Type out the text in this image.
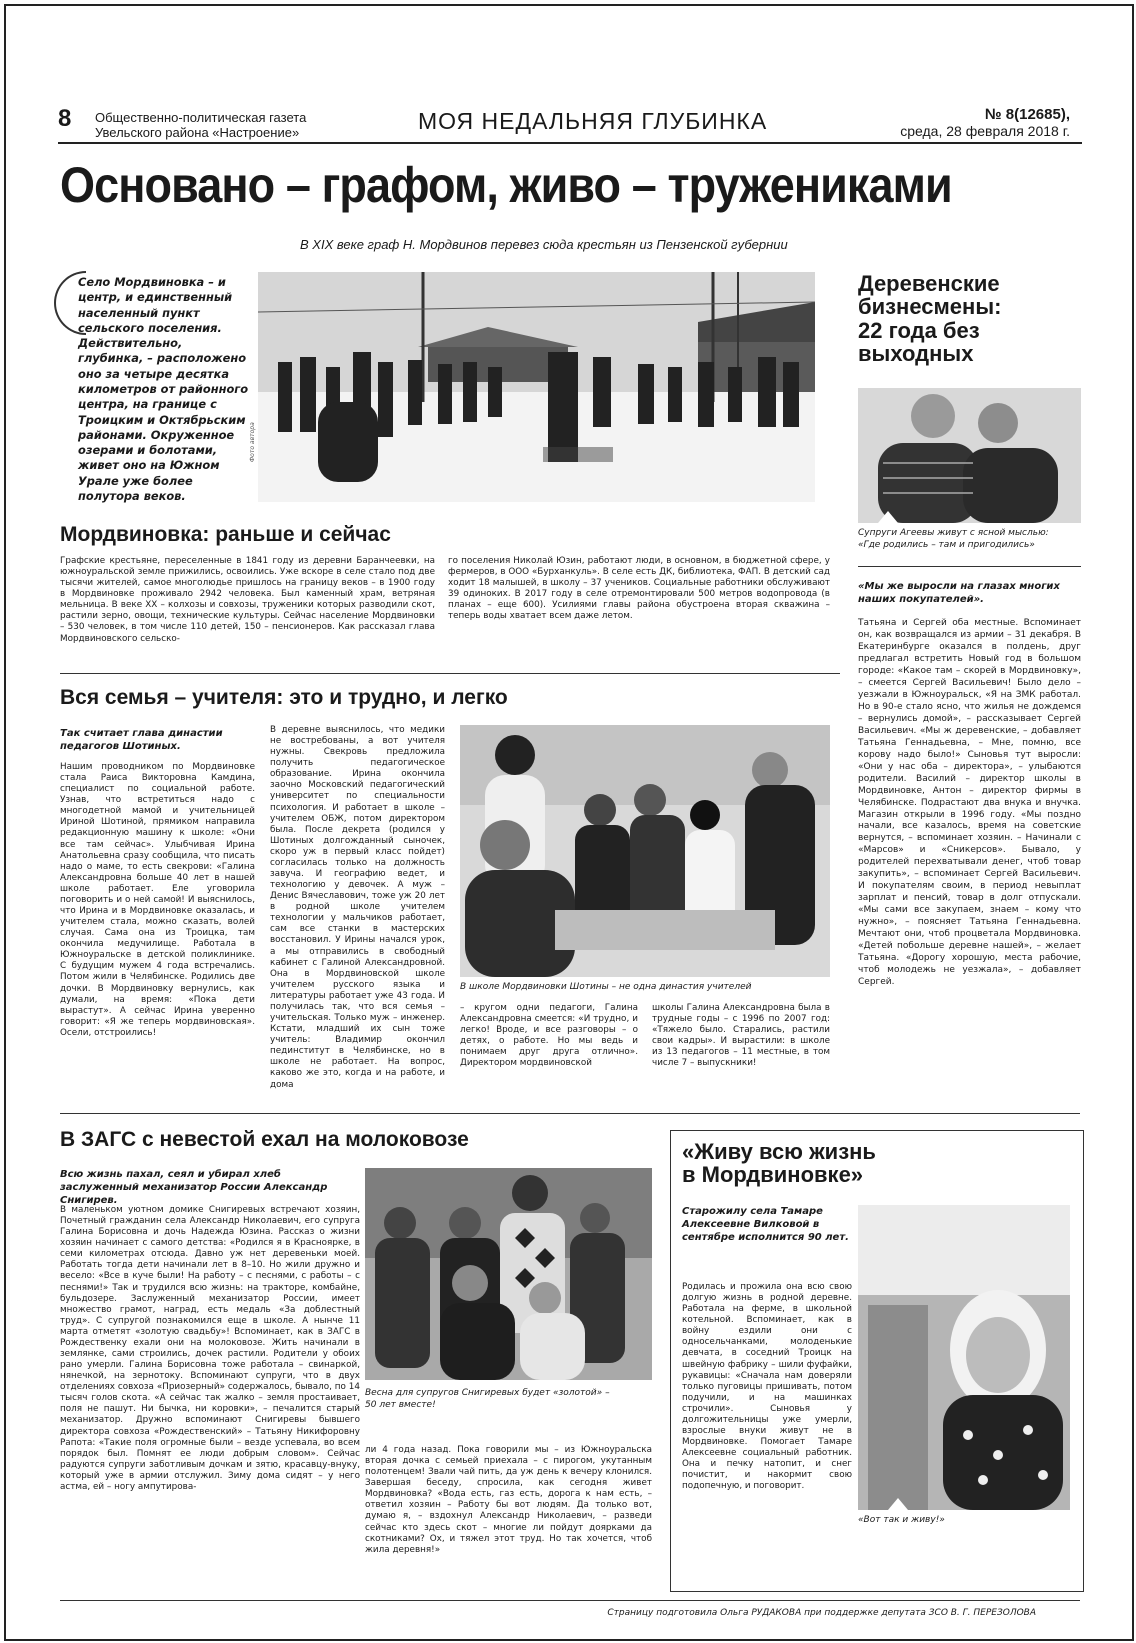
8 Общественно-политическая газета
Увельского района «Настроение»	МОЯ НЕДАЛЬНЯЯ ГЛУБИНКА	№ 8(12685),
среда, 28 февраля 2018 г.
Основано – графом, живо – тружениками
В XIX веке граф Н. Мордвинов перевез сюда крестьян из Пензенской губернии
Село Мордвиновка – и центр, и единственный населенный пункт сельского поселения. Действительно, глубинка, – расположено оно за четыре десятка километров от районного центра, на границе с Троицким и Октябрьским районами. Окруженное озерами и болотами, живет оно на Южном Урале уже более полутора веков.
Фото автора
Деревенские
бизнесмены:
22 года без
выходных
Супруги Агеевы живут с ясной мыслью:
«Где родились – там и пригодились»
«Мы же выросли на глазах многих наших покупателей».
Татьяна и Сергей оба местные. Вспоминает он, как возвращался из армии – 31 декабря. В Екатеринбурге оказался в полдень, друг предлагал встретить Новый год в большом городе: «Какое там – скорей в Мордвиновку», – смеется Сергей Васильевич! Было дело – уезжали в Южноуральск, «Я на ЗМК работал. Но в 90-е стало ясно, что жилья не дождемся – вернулись домой», – рассказывает Сергей Васильевич. «Мы ж деревенские, – добавляет Татьяна Геннадьевна, – Мне, помню, все корову надо было!» Сыновья тут выросли: «Они у нас оба – директора», – улыбаются родители. Василий – директор школы в Мордвиновке, Антон – директор фирмы в Челябинске. Подрастают два внука и внучка. Магазин открыли в 1996 году. «Мы поздно начали, все казалось, время на советские вернутся, – вспоминает хозяин. – Начинали с «Марсов» и «Сникерсов». Бывало, у родителей перехватывали денег, чтоб товар закупить», – вспоминает Сергей Васильевич. И покупателям своим, в период невыплат зарплат и пенсий, товар в долг отпускали. «Мы сами все закупаем, знаем – кому что нужно», – поясняет Татьяна Геннадьевна. Мечтают они, чтоб процветала Мордвиновка. «Детей побольше деревне нашей», – желает Татьяна. «Дорогу хорошую, места рабочие, чтоб молодежь не уезжала», – добавляет Сергей.
Мордвиновка: раньше и сейчас
Графские крестьяне, переселенные в 1841 году из деревни Баранчеевки, на южноуральской земле прижились, освоились. Уже вскоре в селе стало под две тысячи жителей, самое многолюдье пришлось на границу веков – в 1900 году в Мордвиновке проживало 2942 человека. Был каменный храм, ветряная мельница. В веке XX – колхозы и совхозы, труженики которых разводили скот, растили зерно, овощи, технические культуры. Сейчас население Мордвиновки – 530 человек, в том числе 110 детей, 150 – пенсионеров. Как рассказал глава Мордвиновского сельско-
го поселения Николай Юзин, работают люди, в основном, в бюджетной сфере, у фермеров, в ООО «Бурханкуль». В селе есть ДК, библиотека, ФАП. В детский сад ходит 18 малышей, в школу – 37 учеников. Социальные работники обслуживают 39 одиноких. В 2017 году в селе отремонтировали 500 метров водопровода (в планах – еще 600). Усилиями главы района обустроена вторая скважина – теперь воды хватает всем даже летом.
Вся семья – учителя: это и трудно, и легко
Так считает глава династии педагогов Шотиных.
Нашим проводником по Мордвиновке стала Раиса Викторовна Камдина, специалист по социальной работе. Узнав, что встретиться надо с многодетной мамой и учительницей Ириной Шотиной, прямиком направила редакционную машину к школе: «Они все там сейчас». Улыбчивая Ирина Анатольевна сразу сообщила, что писать надо о маме, то есть свекрови: «Галина Александровна больше 40 лет в нашей школе работает. Еле уговорила поговорить и о ней самой! И выяснилось, что Ирина и в Мордвиновке оказалась, и учителем стала, можно сказать, волей случая. Сама она из Троицка, там окончила медучилище. Работала в Южноуральске в детской поликлинике. С будущим мужем 4 года встречались. Потом жили в Челябинске. Родились две дочки. В Мордвиновку вернулись, как думали, на время: «Пока дети вырастут». А сейчас Ирина уверенно говорит: «Я же теперь мордвиновская». Осели, отстроились!
В деревне выяснилось, что медики не востребованы, а вот учителя нужны. Свекровь предложила получить педагогическое образование. Ирина окончила заочно Московский педагогический университет по специальности психология. И работает в школе – учителем ОБЖ, потом директором была. После декрета (родился у Шотиных долгожданный сыночек, скоро уж в первый класс пойдет) согласилась только на должность завуча. И географию ведет, и технологию у девочек. А муж – Денис Вячеславович, тоже уж 20 лет в родной школе учителем технологии у мальчиков работает, сам все станки в мастерских восстановил. У Ирины начался урок, а мы отправились в свободный кабинет с Галиной Александровной. Она в Мордвиновской школе учителем русского языка и литературы работает уже 43 года. И получилась так, что вся семья – учительская. Только муж – инженер. Кстати, младший их сын тоже учитель: Владимир окончил пединститут в Челябинске, но в школе не работает. На вопрос, каково же это, когда и на работе, и дома
В школе Мордвиновки Шотины – не одна династия учителей
– кругом одни педагоги, Галина Александровна смеется: «И трудно, и легко! Вроде, и все разговоры – о детях, о работе. Но мы ведь и понимаем друг друга отлично». Директором мордвиновской
школы Галина Александровна была в трудные годы – с 1996 по 2007 год: «Тяжело было. Старались, растили свои кадры». И вырастили: в школе из 13 педагогов – 11 местные, в том числе 7 – выпускники!
В ЗАГС с невестой ехал на молоковозе
Всю жизнь пахал, сеял и убирал хлеб заслуженный механизатор России Александр Снигирев.
В маленьком уютном домике Снигиревых встречают хозяин, Почетный гражданин села Александр Николаевич, его супруга Галина Борисовна и дочь Надежда Юзина. Рассказ о жизни хозяин начинает с самого детства: «Родился я в Красноярке, в семи километрах отсюда. Давно уж нет деревеньки моей. Работать тогда дети начинали лет в 8–10. Но жили дружно и весело: «Все в куче были! На работу – с песнями, с работы – с песнями!» Так и трудился всю жизнь: на тракторе, комбайне, бульдозере. Заслуженный механизатор России, имеет множество грамот, наград, есть медаль «За доблестный труд». С супругой познакомился еще в школе. А нынче 11 марта отметят «золотую свадьбу»! Вспоминает, как в ЗАГС в Рождественку ехали они на молоковозе. Жить начинали в землянке, сами строились, дочек растили. Родители у обоих рано умерли. Галина Борисовна тоже работала – свинаркой, нянечкой, на зернотоку. Вспоминают супруги, что в двух отделениях совхоза «Приозерный» содержалось, бывало, по 14 тысяч голов скота. «А сейчас так жалко – земля простаивает, поля не пашут. Ни бычка, ни коровки», – печалится старый механизатор. Дружно вспоминают Снигиревы бывшего директора совхоза «Рождественский» – Татьяну Никифоровну Рапота: «Такие поля огромные были – везде успевала, во всем порядок был. Помнят ее люди добрым словом». Сейчас радуются супруги заботливым дочкам и зятю, красавцу-внуку, который уже в армии отслужил. Зиму дома сидят – у него астма, ей – ногу ампутирова-
Весна для супругов Снигиревых будет «золотой» –
50 лет вместе!
ли 4 года назад. Пока говорили мы – из Южноуральска вторая дочка с семьей приехала – с пирогом, укутанным полотенцем! Звали чай пить, да уж день к вечеру клонился. Завершая беседу, спросила, как сегодня живет Мордвиновка? «Вода есть, газ есть, дорога к нам есть, – ответил хозяин – Работу бы вот людям. Да только вот, думаю я, – вздохнул Александр Николаевич, – разведи сейчас кто здесь скот – многие ли пойдут доярками да скотниками? Ох, и тяжел этот труд. Но так хочется, чтоб жила деревня!»
«Живу всю жизнь
в Мордвиновке»
Старожилу села Тамаре Алексеевне Вилковой в сентябре исполнится 90 лет.
Родилась и прожила она всю свою долгую жизнь в родной деревне. Работала на ферме, в школьной котельной. Вспоминает, как в войну ездили они с односельчанками, молоденькие девчата, в соседний Троицк на швейную фабрику – шили фуфайки, рукавицы: «Сначала нам доверяли только пуговицы пришивать, потом подучили, и на машинках строчили». Сыновья у долгожительницы уже умерли, взрослые внуки живут не в Мордвиновке. Помогает Тамаре Алексеевне социальный работник. Она и печку натопит, и снег почистит, и накормит свою подопечную, и поговорит.
«Вот так и живу!»
Страницу подготовила Ольга РУДАКОВА при поддержке депутата ЗСО В. Г. ПЕРЕЗОЛОВА
